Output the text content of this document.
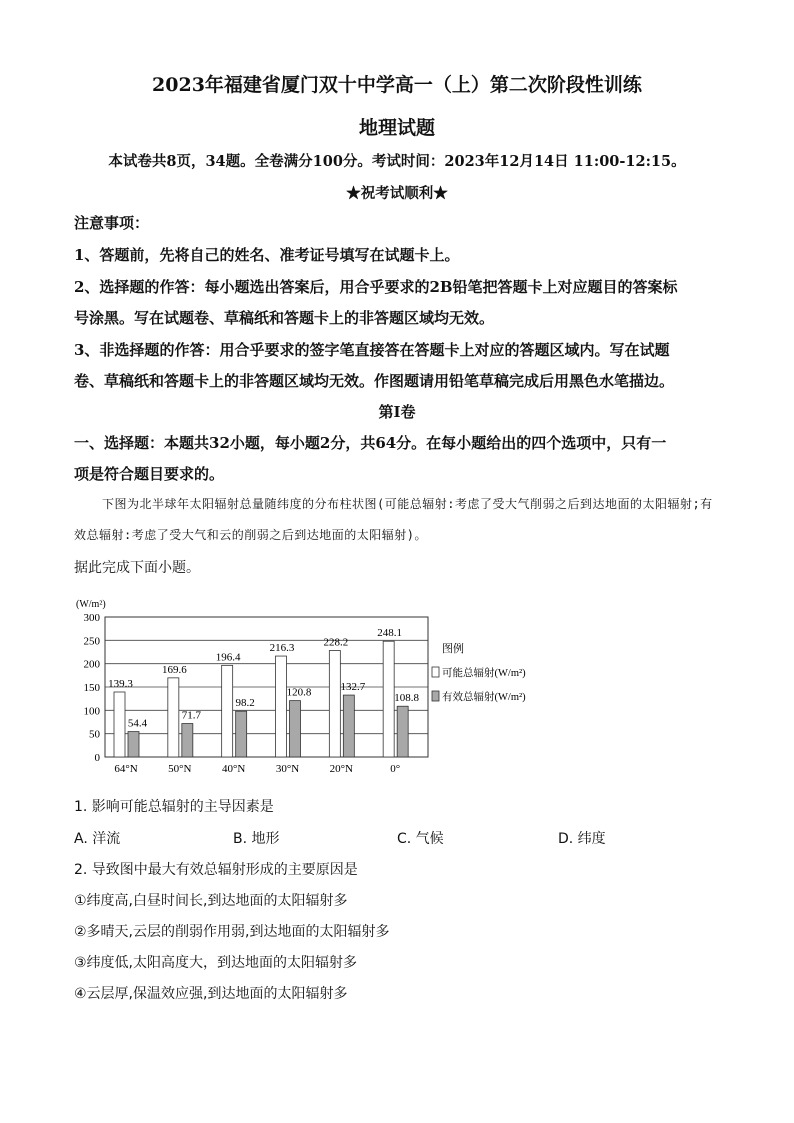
2023年福建省厦门双十中学高一（上）第二次阶段性训练
地理试题
本试卷共8页，34题。全卷满分100分。考试时间：2023年12月14日 11:00-12:15。
★祝考试顺利★
注意事项：
1、答题前，先将自己的姓名、准考证号填写在试题卡上。
2、选择题的作答：每小题选出答案后，用合乎要求的2B铅笔把答题卡上对应题目的答案标
号涂黑。写在试题卷、草稿纸和答题卡上的非答题区域均无效。
3、非选择题的作答：用合乎要求的签字笔直接答在答题卡上对应的答题区域内。写在试题
卷、草稿纸和答题卡上的非答题区域均无效。作图题请用铅笔草稿完成后用黑色水笔描边。
第Ⅰ卷
一、选择题：本题共32小题，每小题2分，共64分。在每小题给出的四个选项中，只有一
项是符合题目要求的。
下图为北半球年太阳辐射总量随纬度的分布柱状图(可能总辐射:考虑了受大气削弱之后到达地面的太阳辐射;有效总辐射:考虑了受大气和云的削弱之后到达地面的太阳辐射)。
据此完成下面小题。
(W/m²)
0
50
100
150
200
250
300
139.3
54.4
169.6
71.7
196.4
98.2
216.3
120.8
228.2
132.7
248.1
108.8
64°N	50°N	40°N	30°N	20°N	0°
图例
可能总辐射(W/m²)
有效总辐射(W/m²)
1. 影响可能总辐射的主导因素是
A. 洋流	B. 地形	C. 气候	D. 纬度
2. 导致图中最大有效总辐射形成的主要原因是
①纬度高,白昼时间长,到达地面的太阳辐射多
②多晴天,云层的削弱作用弱,到达地面的太阳辐射多
③纬度低,太阳高度大，到达地面的太阳辐射多
④云层厚,保温效应强,到达地面的太阳辐射多
